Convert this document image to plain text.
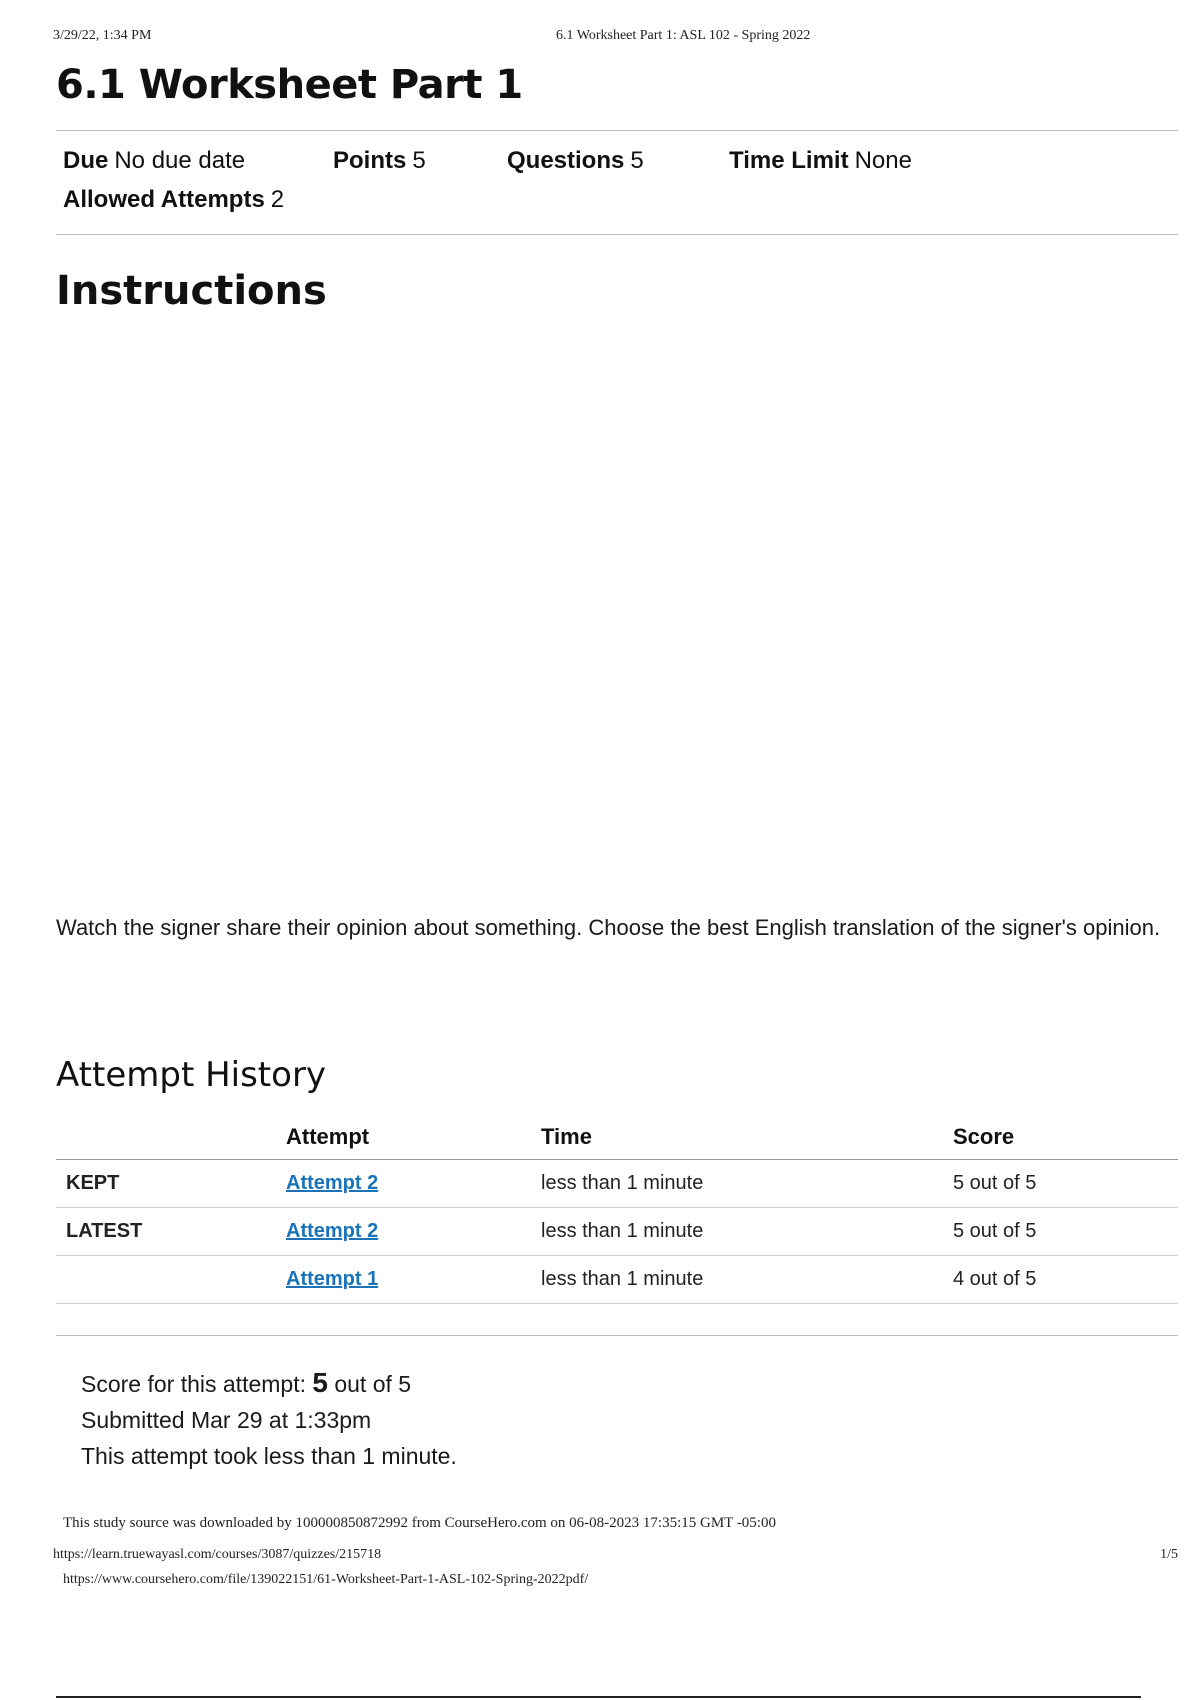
3/29/22, 1:34 PM	6.1 Worksheet Part 1: ASL 102 - Spring 2022
6.1 Worksheet Part 1
Due No due date	Points 5	Questions 5	Time Limit None
Allowed Attempts 2
Instructions

Watch the signer share their opinion about something. Choose the best English translation of the signer's opinion.

Attempt History
	Attempt	Time	Score
KEPT	Attempt 2	less than 1 minute	5 out of 5
LATEST	Attempt 2	less than 1 minute	5 out of 5
	Attempt 1	less than 1 minute	4 out of 5
Score for this attempt: 5 out of 5
Submitted Mar 29 at 1:33pm
This attempt took less than 1 minute.
This study source was downloaded by 100000850872992 from CourseHero.com on 06-08-2023 17:35:15 GMT -05:00
https://learn.truewayasl.com/courses/3087/quizzes/215718	1/5
https://www.coursehero.com/file/139022151/61-Worksheet-Part-1-ASL-102-Spring-2022pdf/
